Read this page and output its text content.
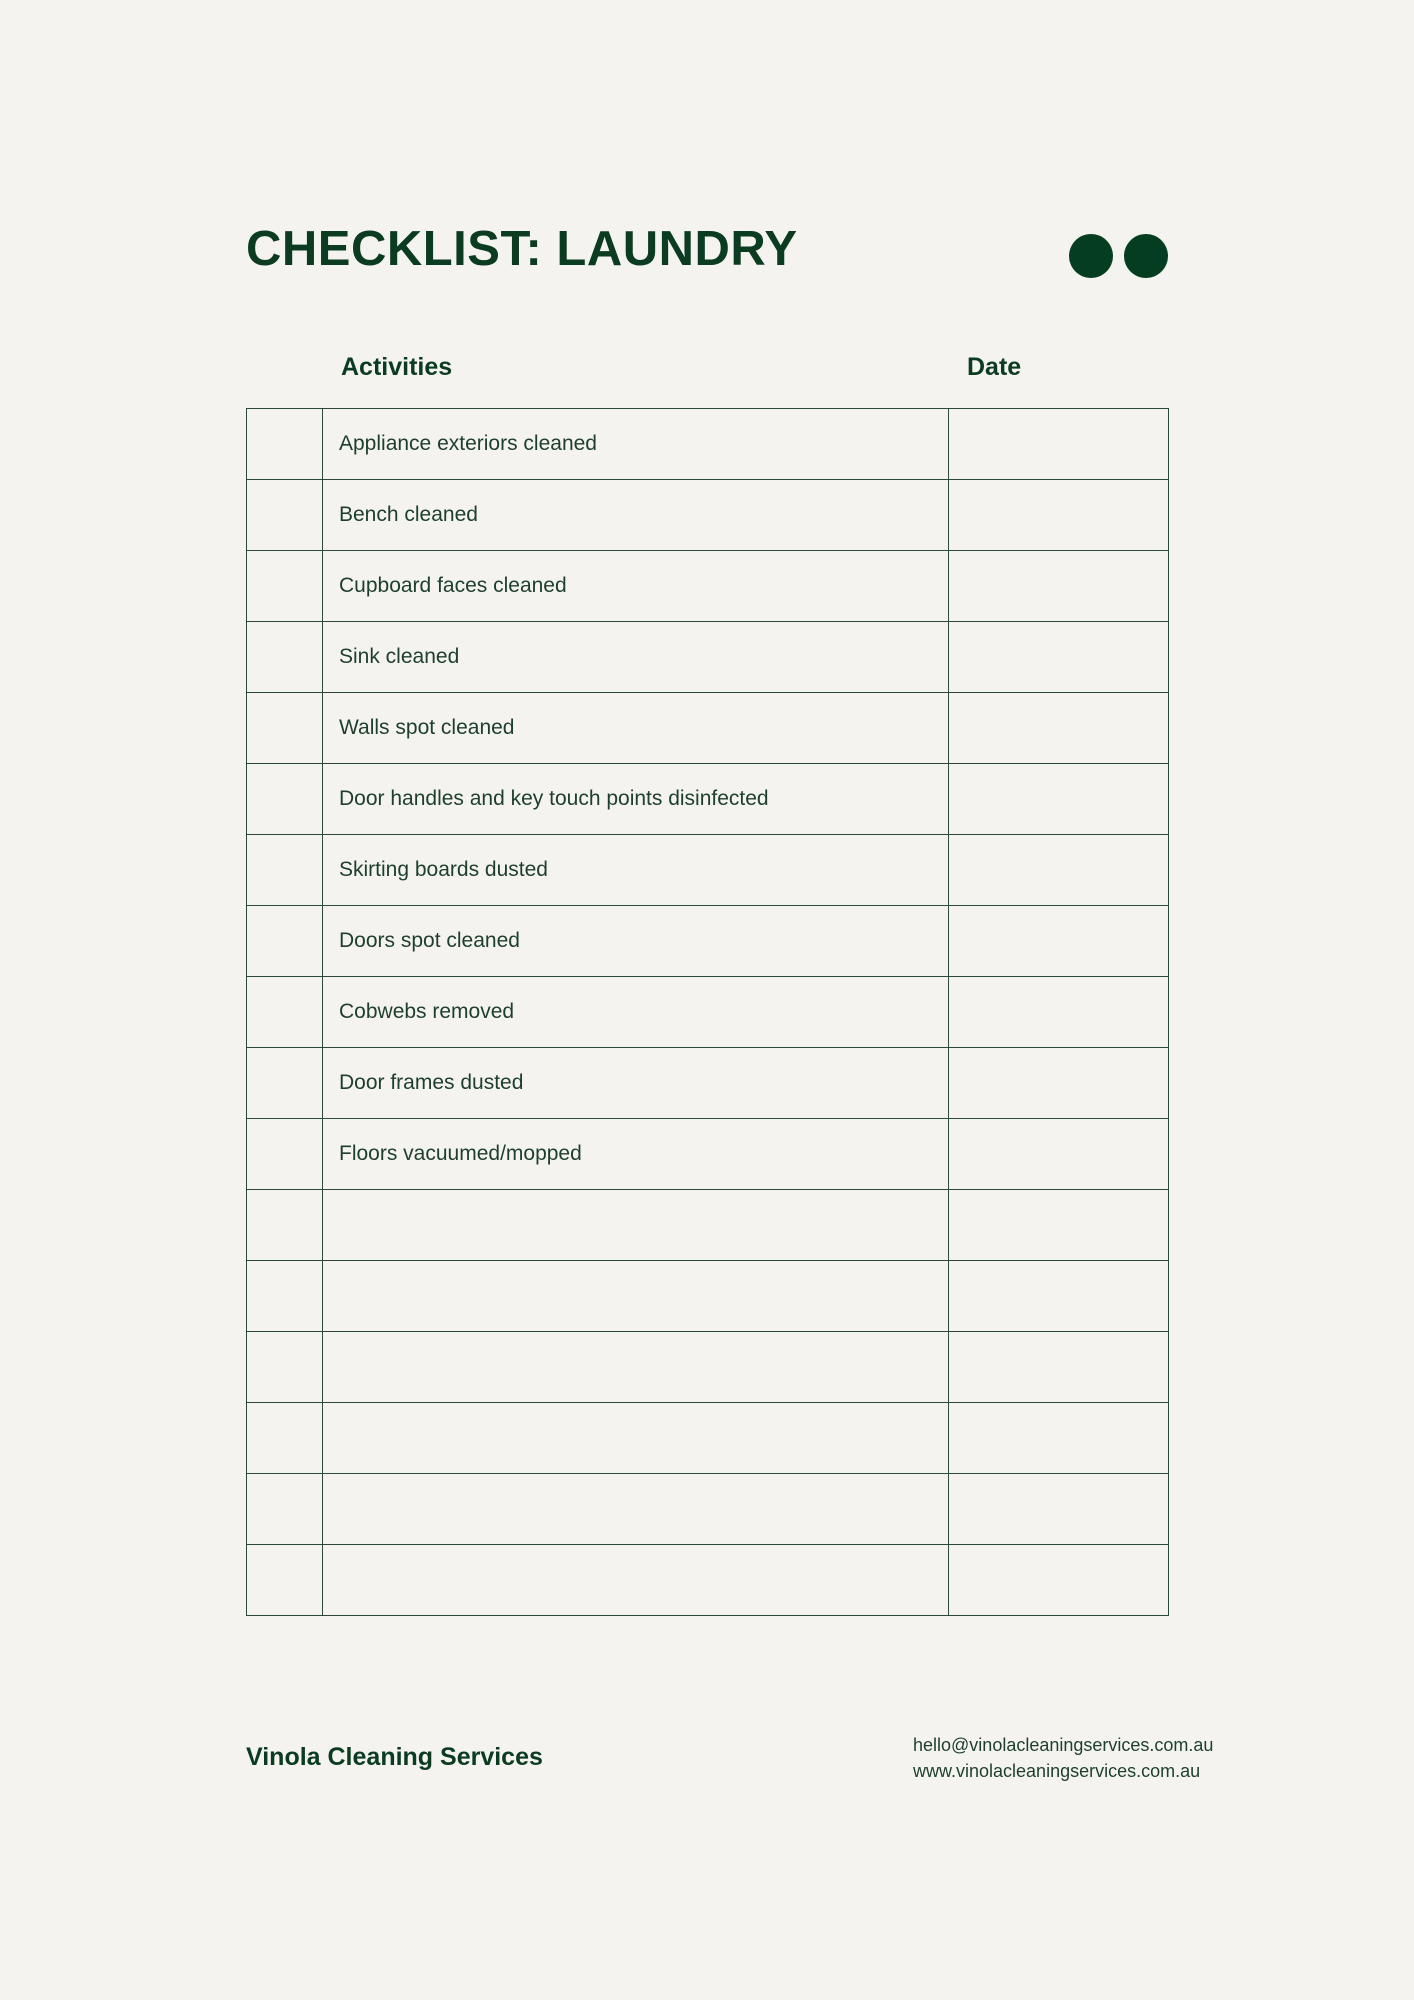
CHECKLIST: LAUNDRY
Activities	Date
	Appliance exteriors cleaned	
	Bench cleaned	
	Cupboard faces cleaned	
	Sink cleaned	
	Walls spot cleaned	
	Door handles and key touch points disinfected	
	Skirting boards dusted	
	Doors spot cleaned	
	Cobwebs removed	
	Door frames dusted	
	Floors vacuumed/mopped	

Vinola Cleaning Services	hello@vinolacleaningservices.com.au
www.vinolacleaningservices.com.au
